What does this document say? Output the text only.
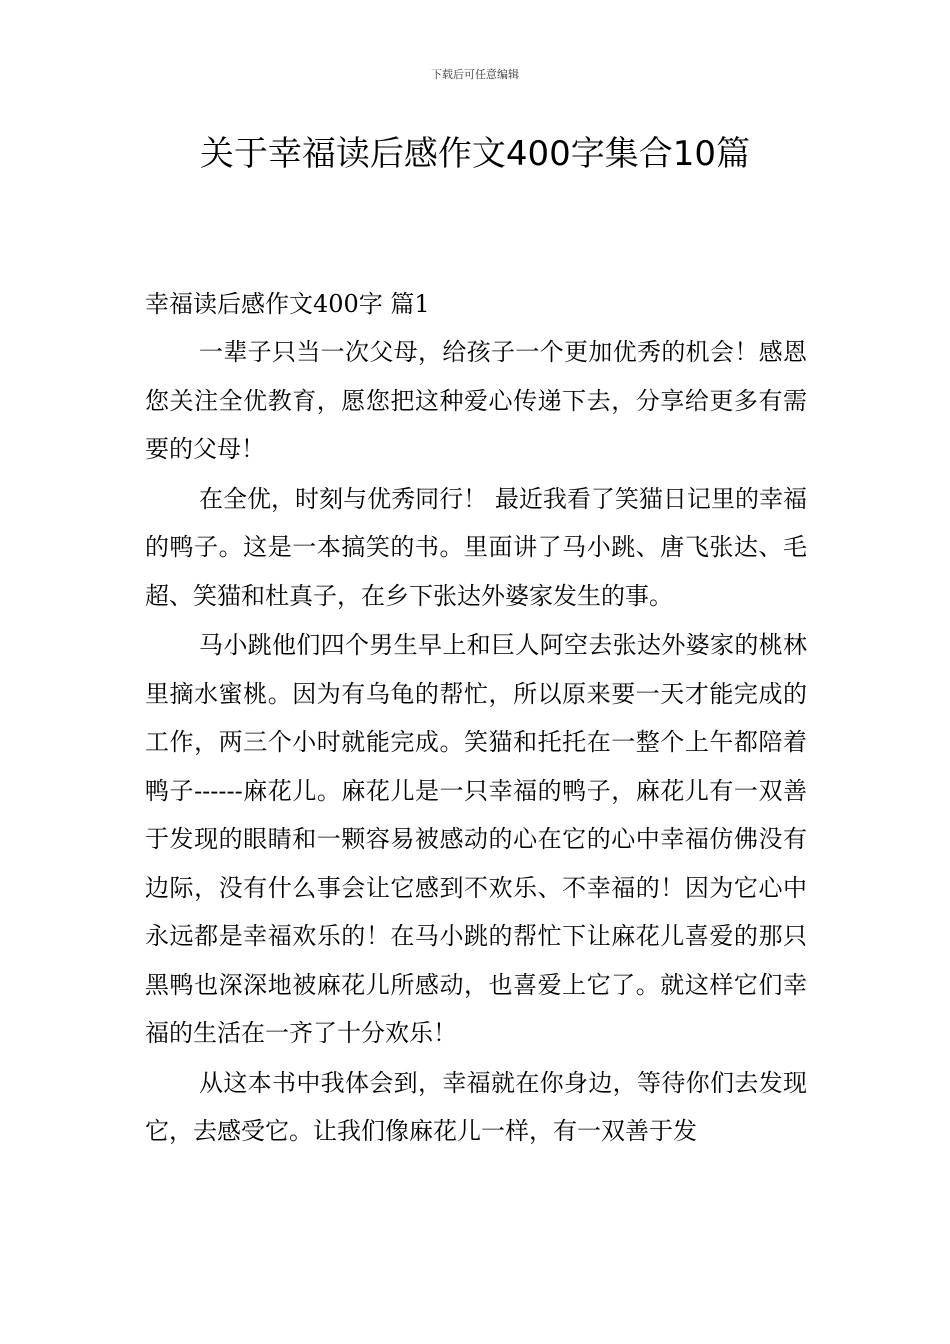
下载后可任意编辑
关于幸福读后感作文400字集合10篇
幸福读后感作文400字 篇1

一辈子只当一次父母，给孩子一个更加优秀的机会！感恩您关注全优教育，愿您把这种爱心传递下去，分享给更多有需要的父母！

在全优，时刻与优秀同行！ 最近我看了笑猫日记里的幸福的鸭子。这是一本搞笑的书。里面讲了马小跳、唐飞张达、毛超、笑猫和杜真子，在乡下张达外婆家发生的事。

马小跳他们四个男生早上和巨人阿空去张达外婆家的桃林里摘水蜜桃。因为有乌龟的帮忙，所以原来要一天才能完成的工作，两三个小时就能完成。笑猫和托托在一整个上午都陪着鸭子------麻花儿。麻花儿是一只幸福的鸭子，麻花儿有一双善于发现的眼睛和一颗容易被感动的心在它的心中幸福仿佛没有边际，没有什么事会让它感到不欢乐、不幸福的！因为它心中永远都是幸福欢乐的！在马小跳的帮忙下让麻花儿喜爱的那只黑鸭也深深地被麻花儿所感动，也喜爱上它了。就这样它们幸福的生活在一齐了十分欢乐！

从这本书中我体会到，幸福就在你身边，等待你们去发现它，去感受它。让我们像麻花儿一样，有一双善于发
